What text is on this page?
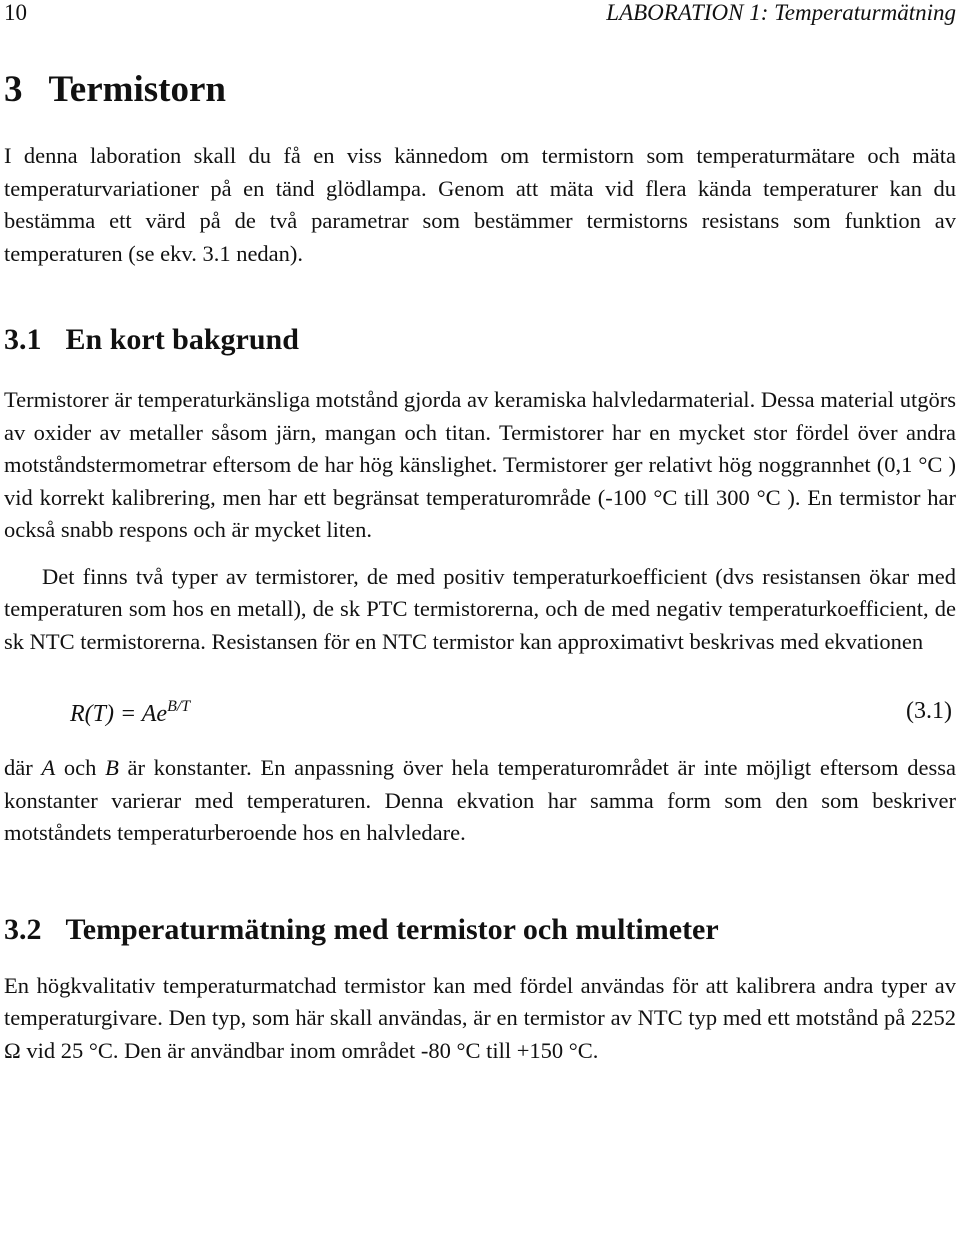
10	LABORATION 1: Temperaturmätning
3 Termistorn

I denna laboration skall du få en viss kännedom om termistorn som temperaturmätare och mäta temperaturvariationer på en tänd glödlampa. Genom att mäta vid flera kända temperaturer kan du bestämma ett värd på de två parametrar som bestämmer termistorns resistans som funktion av temperaturen (se ekv. 3.1 nedan).

3.1 En kort bakgrund

Termistorer är temperaturkänsliga motstånd gjorda av keramiska halvledarmaterial. Dessa material utgörs av oxider av metaller såsom järn, mangan och titan. Termistorer har en mycket stor fördel över andra motståndstermometrar eftersom de har hög känslighet. Termistorer ger relativt hög noggrannhet (0,1 °C ) vid korrekt kalibrering, men har ett begränsat temperaturområde (-100 °C till 300 °C ). En termistor har också snabb respons och är mycket liten.

Det finns två typer av termistorer, de med positiv temperaturkoefficient (dvs resistansen ökar med temperaturen som hos en metall), de sk PTC termistorerna, och de med negativ temperaturkoefficient, de sk NTC termistorerna. Resistansen för en NTC termistor kan approximativt beskrivas med ekvationen

$R(T) = Ae^{B/T}$	(3.1)

där A och B är konstanter. En anpassning över hela temperaturområdet är inte möjligt eftersom dessa konstanter varierar med temperaturen. Denna ekvation har samma form som den som beskriver motståndets temperaturberoende hos en halvledare.

3.2 Temperaturmätning med termistor och multimeter

En högkvalitativ temperaturmatchad termistor kan med fördel användas för att kalibrera andra typer av temperaturgivare. Den typ, som här skall användas, är en termistor av NTC typ med ett motstånd på 2252 Ω vid 25 °C. Den är användbar inom området -80 °C till +150 °C.
